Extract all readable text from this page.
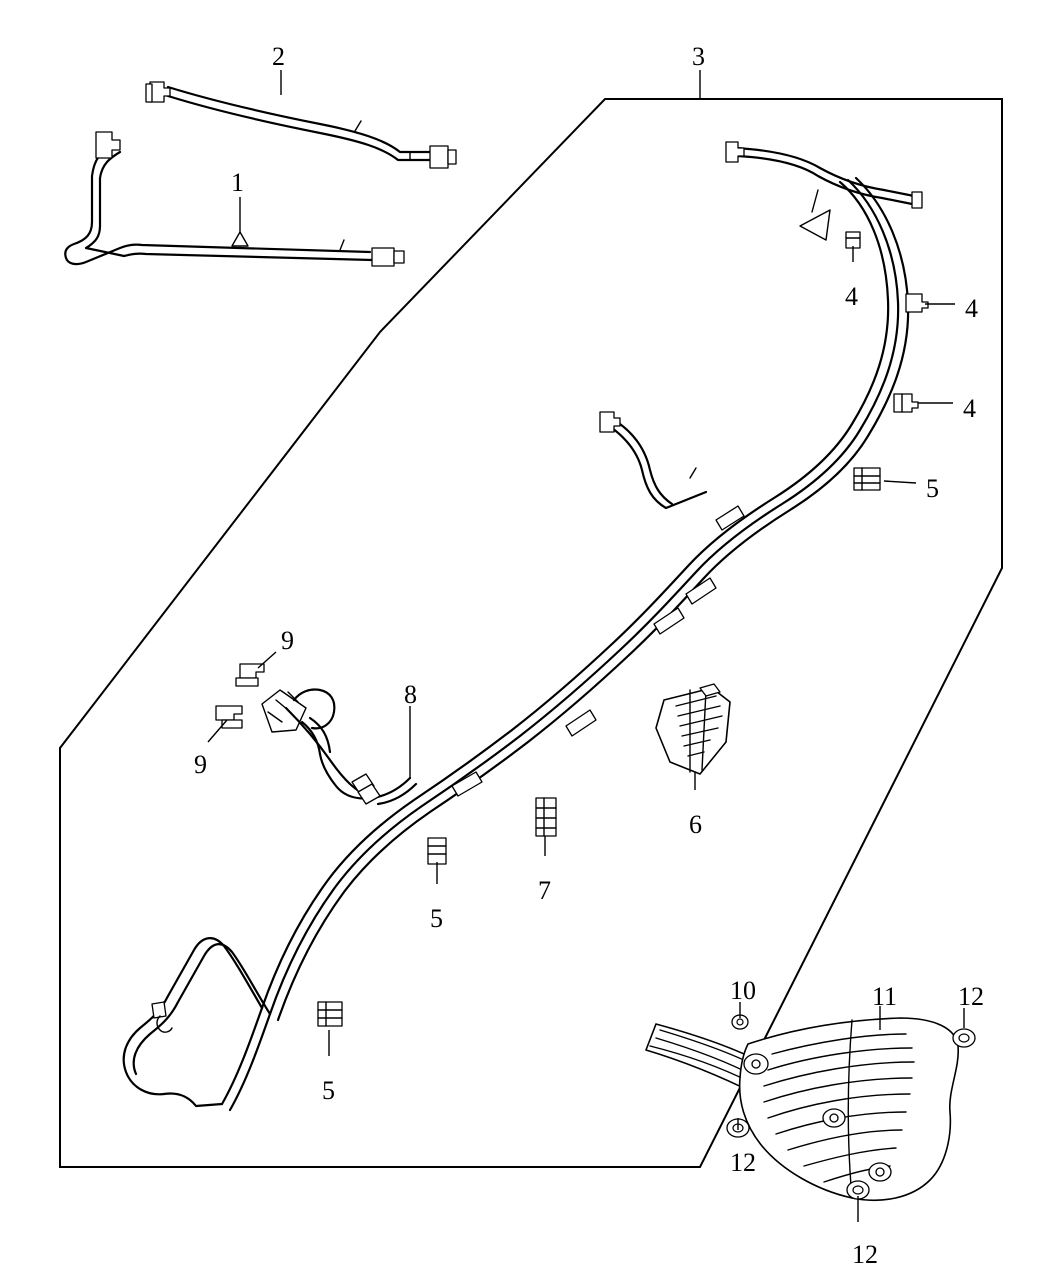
2	3
1
4	4
4
5
9
9
8
6
7
5
5
10	11 12
12
12
